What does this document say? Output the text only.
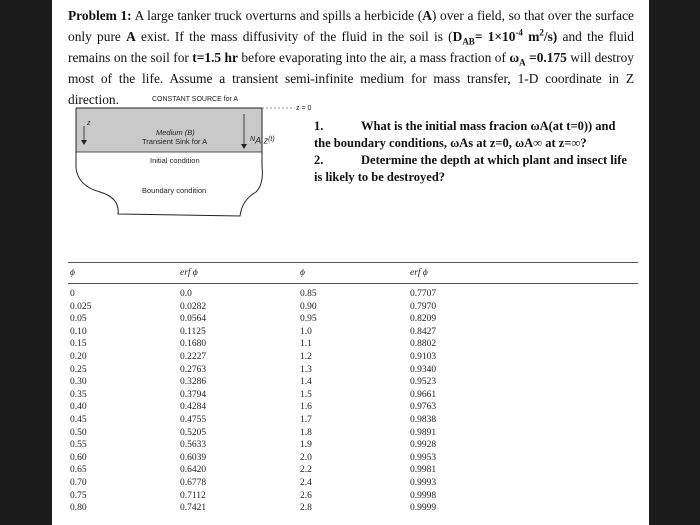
Problem 1: A large tanker truck overturns and spills a herbicide (A) over a field, so that over the surface only pure A exist. If the mass diffusivity of the fluid in the soil is ($D_{AB}= 1\times 10^{-4}$ $m^2/s$) and the fluid remains on the soil for t=1.5 hr before evaporating into the air, a mass fraction of $\omega_A =0.175$ will destroy most of the life. Assume a transient semi-infinite medium for mass transfer, 1-D coordinate in Z direction.	CONSTANT SOURCE for A
z = 0
z
Medium (B)
Transient Sink for A	$N_{A,z}(t)$
Initial condition
Boundary condition

1.	What is the initial mass fracion ωA(at t=0)) and the boundary conditions, ωAs at z=0, ωA∞ at z=∞?

2.	Determine the depth at which plant and insect life is likely to be destroyed?

ϕ	erf ϕ	ϕ	erf ϕ
0	0.0	0.85	0.7707
0.025	0.0282	0.90	0.7970
0.05	0.0564	0.95	0.8209
0.10	0.1125	1.0	0.8427
0.15	0.1680	1.1	0.8802
0.20	0.2227	1.2	0.9103
0.25	0.2763	1.3	0.9340
0.30	0.3286	1.4	0.9523
0.35	0.3794	1.5	0.9661
0.40	0.4284	1.6	0.9763
0.45	0.4755	1.7	0.9838
0.50	0.5205	1.8	0.9891
0.55	0.5633	1.9	0.9928
0.60	0.6039	2.0	0.9953
0.65	0.6420	2.2	0.9981
0.70	0.6778	2.4	0.9993
0.75	0.7112	2.6	0.9998
0.80	0.7421	2.8	0.9999
